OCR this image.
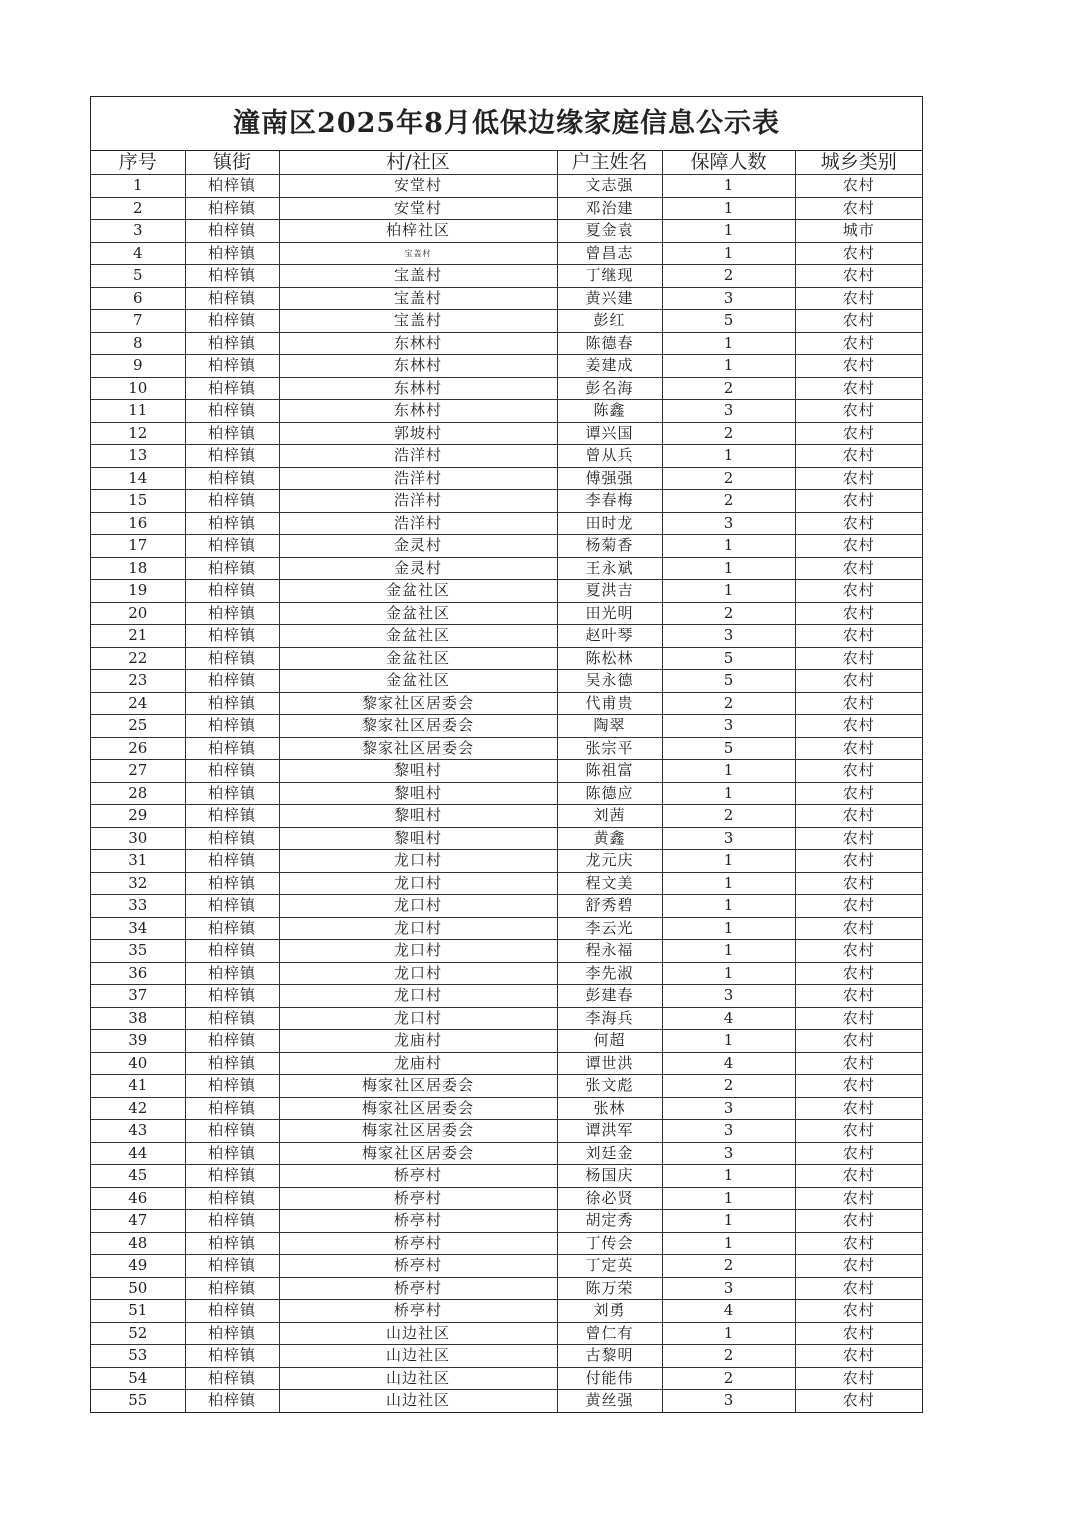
潼南区2025年8月低保边缘家庭信息公示表
序号	镇街	村/社区	户主姓名	保障人数	城乡类别
1	柏梓镇	安堂村	文志强	1	农村
2	柏梓镇	安堂村	邓治建	1	农村
3	柏梓镇	柏梓社区	夏金袁	1	城市
4	柏梓镇	宝盖村	曾昌志	1	农村
5	柏梓镇	宝盖村	丁继现	2	农村
6	柏梓镇	宝盖村	黄兴建	3	农村
7	柏梓镇	宝盖村	彭红	5	农村
8	柏梓镇	东林村	陈德春	1	农村
9	柏梓镇	东林村	姜建成	1	农村
10	柏梓镇	东林村	彭名海	2	农村
11	柏梓镇	东林村	陈鑫	3	农村
12	柏梓镇	郭坡村	谭兴国	2	农村
13	柏梓镇	浩洋村	曾从兵	1	农村
14	柏梓镇	浩洋村	傅强强	2	农村
15	柏梓镇	浩洋村	李春梅	2	农村
16	柏梓镇	浩洋村	田时龙	3	农村
17	柏梓镇	金灵村	杨菊香	1	农村
18	柏梓镇	金灵村	王永斌	1	农村
19	柏梓镇	金盆社区	夏洪吉	1	农村
20	柏梓镇	金盆社区	田光明	2	农村
21	柏梓镇	金盆社区	赵叶琴	3	农村
22	柏梓镇	金盆社区	陈松林	5	农村
23	柏梓镇	金盆社区	吴永德	5	农村
24	柏梓镇	黎家社区居委会	代甫贵	2	农村
25	柏梓镇	黎家社区居委会	陶翠	3	农村
26	柏梓镇	黎家社区居委会	张宗平	5	农村
27	柏梓镇	黎咀村	陈祖富	1	农村
28	柏梓镇	黎咀村	陈德应	1	农村
29	柏梓镇	黎咀村	刘茜	2	农村
30	柏梓镇	黎咀村	黄鑫	3	农村
31	柏梓镇	龙口村	龙元庆	1	农村
32	柏梓镇	龙口村	程文美	1	农村
33	柏梓镇	龙口村	舒秀碧	1	农村
34	柏梓镇	龙口村	李云光	1	农村
35	柏梓镇	龙口村	程永福	1	农村
36	柏梓镇	龙口村	李先淑	1	农村
37	柏梓镇	龙口村	彭建春	3	农村
38	柏梓镇	龙口村	李海兵	4	农村
39	柏梓镇	龙庙村	何超	1	农村
40	柏梓镇	龙庙村	谭世洪	4	农村
41	柏梓镇	梅家社区居委会	张文彪	2	农村
42	柏梓镇	梅家社区居委会	张林	3	农村
43	柏梓镇	梅家社区居委会	谭洪军	3	农村
44	柏梓镇	梅家社区居委会	刘廷金	3	农村
45	柏梓镇	桥亭村	杨国庆	1	农村
46	柏梓镇	桥亭村	徐必贤	1	农村
47	柏梓镇	桥亭村	胡定秀	1	农村
48	柏梓镇	桥亭村	丁传会	1	农村
49	柏梓镇	桥亭村	丁定英	2	农村
50	柏梓镇	桥亭村	陈万荣	3	农村
51	柏梓镇	桥亭村	刘勇	4	农村
52	柏梓镇	山边社区	曾仁有	1	农村
53	柏梓镇	山边社区	古黎明	2	农村
54	柏梓镇	山边社区	付能伟	2	农村
55	柏梓镇	山边社区	黄丝强	3	农村
